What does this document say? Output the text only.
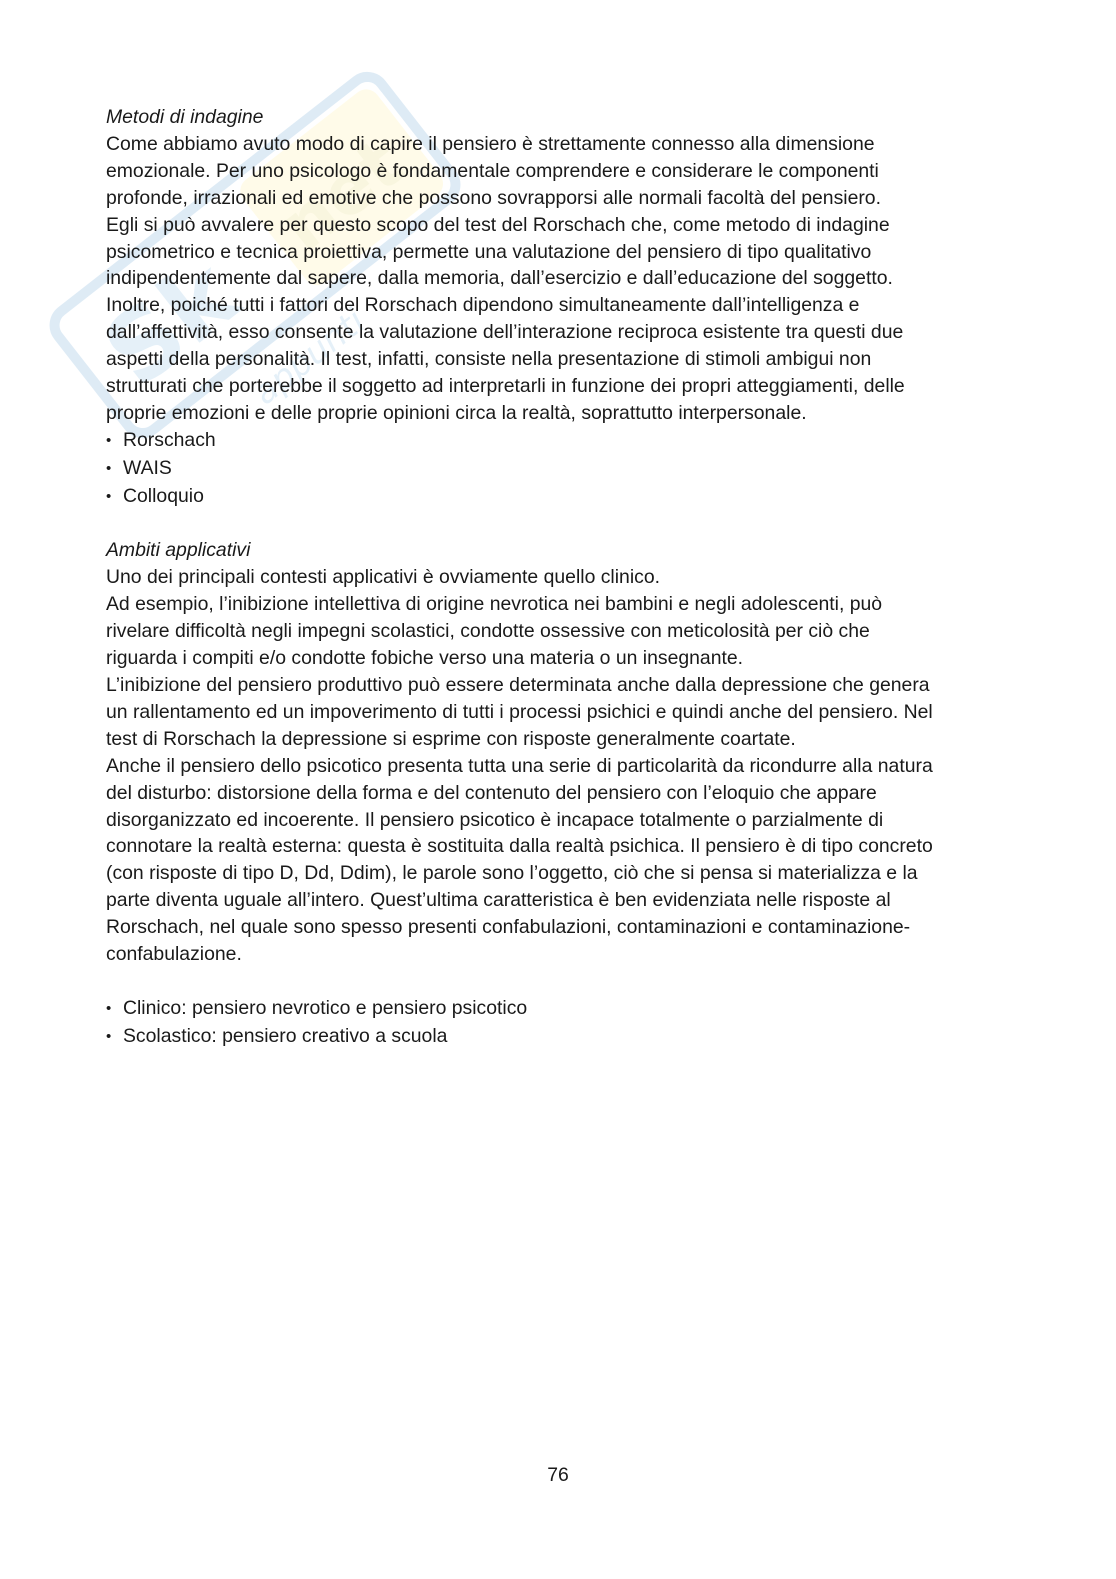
Sk
net
appunti

Metodi di indagine

Come abbiamo avuto modo di capire il pensiero è strettamente connesso alla dimensione

emozionale. Per uno psicologo è fondamentale comprendere e considerare le componenti

profonde, irrazionali ed emotive che possono sovrapporsi alle normali facoltà del pensiero.

Egli si può avvalere per questo scopo del test del Rorschach che, come metodo di indagine

psicometrico e tecnica proiettiva, permette una valutazione del pensiero di tipo qualitativo

indipendentemente dal sapere, dalla memoria, dall’esercizio e dall’educazione del soggetto.

Inoltre, poiché tutti i fattori del Rorschach dipendono simultaneamente dall’intelligenza e

dall’affettività, esso consente la valutazione dell’interazione reciproca esistente tra questi due

aspetti della personalità. Il test, infatti, consiste nella presentazione di stimoli ambigui non

strutturati che porterebbe il soggetto ad interpretarli in funzione dei propri atteggiamenti, delle

proprie emozioni e delle proprie opinioni circa la realtà, soprattutto interpersonale.

• Rorschach

• WAIS

• Colloquio

Ambiti applicativi

Uno dei principali contesti applicativi è ovviamente quello clinico.

Ad esempio, l’inibizione intellettiva di origine nevrotica nei bambini e negli adolescenti, può

rivelare difficoltà negli impegni scolastici, condotte ossessive con meticolosità per ciò che

riguarda i compiti e/o condotte fobiche verso una materia o un insegnante.

L’inibizione del pensiero produttivo può essere determinata anche dalla depressione che genera

un rallentamento ed un impoverimento di tutti i processi psichici e quindi anche del pensiero. Nel

test di Rorschach la depressione si esprime con risposte generalmente coartate.

Anche il pensiero dello psicotico presenta tutta una serie di particolarità da ricondurre alla natura

del disturbo: distorsione della forma e del contenuto del pensiero con l’eloquio che appare

disorganizzato ed incoerente. Il pensiero psicotico è incapace totalmente o parzialmente di

connotare la realtà esterna: questa è sostituita dalla realtà psichica. Il pensiero è di tipo concreto

(con risposte di tipo D, Dd, Ddim), le parole sono l’oggetto, ciò che si pensa si materializza e la

parte diventa uguale all’intero. Quest’ultima caratteristica è ben evidenziata nelle risposte al

Rorschach, nel quale sono spesso presenti confabulazioni, contaminazioni e contaminazione-

confabulazione.

• Clinico: pensiero nevrotico e pensiero psicotico

• Scolastico: pensiero creativo a scuola

76
